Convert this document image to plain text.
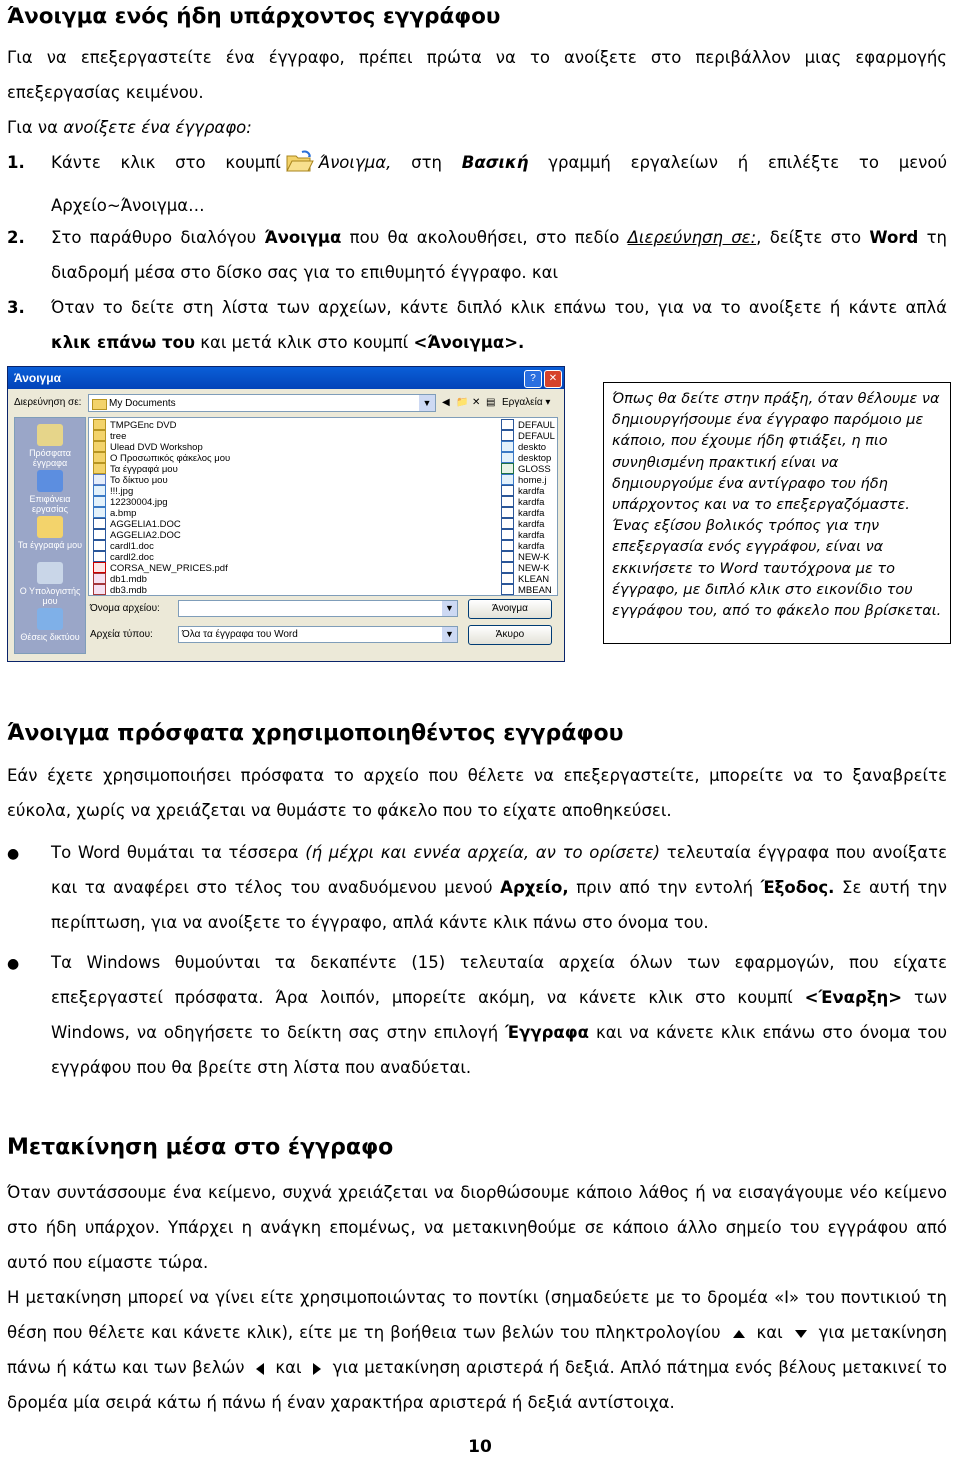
Άνοιγμα ενός ήδη υπάρχοντος εγγράφου
Για να επεξεργαστείτε ένα έγγραφο, πρέπει πρώτα να το ανοίξετε στο περιβάλλον μιας εφαρμογής επεξεργασίας κειμένου.
Για να ανοίξετε ένα έγγραφο:
1. Κάντε κλικ στο κουμπί Άνοιγμα, στη Βασική γραμμή εργαλείων ή επιλέξτε το μενού
Αρχείο~Άνοιγμα…
2. Στο παράθυρο διαλόγου Άνοιγμα που θα ακολουθήσει, στο πεδίο Διερεύνηση σε:, δείξτε στο Word τη
διαδρομή μέσα στο δίσκο σας για το επιθυμητό έγγραφο. και
3. Όταν το δείτε στη λίστα των αρχείων, κάντε διπλό κλικ επάνω του, για να το ανοίξετε ή κάντε απλά
κλικ επάνω του και μετά κλικ στο κουμπί <Άνοιγμα>.
Άνοιγμα	?	✕
Διερεύνηση σε:	My Documents	▼	◀ 📁 ✕ ▤ Εργαλεία ▾
Πρόσφατα έγγραφα
Επιφάνεια εργασίας
Τα έγγραφά μου
Ο Υπολογιστής μου
Θέσεις δικτύου
TMPGEnc DVD
tree
Ulead DVD Workshop
Ο Προσωπικός φάκελος μου
Τα έγγραφά μου
Το δίκτυο μου
!!!.jpg
12230004.jpg
a.bmp
AGGELIA1.DOC
AGGELIA2.DOC
cardl1.doc
cardl2.doc
CORSA_NEW_PRICES.pdf
db1.mdb
db3.mdb
DEFAUL
DEFAUL
deskto
desktop
GLOSS
home.j
kardfa
kardfa
kardfa
kardfa
kardfa
kardfa
NEW-K
NEW-K
KLEAN
MBEAN
Όνομα αρχείου:	▼	Άνοιγμα
Αρχεία τύπου:	Όλα τα έγγραφα του Word	▼	Άκυρο
Όπως θα δείτε στην πράξη, όταν θέλουμε να δημιουργήσουμε ένα έγγραφο παρόμοιο με κάποιο, που έχουμε ήδη φτιάξει, η πιο συνηθισμένη πρακτική είναι να δημιουργούμε ένα αντίγραφο του ήδη υπάρχοντος και να το επεξεργαζόμαστε. Ένας εξίσου βολικός τρόπος για την επεξεργασία ενός εγγράφου, είναι να εκκινήσετε το Word ταυτόχρονα με το έγγραφο, με διπλό κλικ στο εικονίδιο του εγγράφου του, από το φάκελο που βρίσκεται.
Άνοιγμα πρόσφατα χρησιμοποιηθέντος εγγράφου
Εάν έχετε χρησιμοποιήσει πρόσφατα το αρχείο που θέλετε να επεξεργαστείτε, μπορείτε να το ξαναβρείτε εύκολα, χωρίς να χρειάζεται να θυμάστε το φάκελο που το είχατε αποθηκεύσει.
● Το Word θυμάται τα τέσσερα (ή μέχρι και εννέα αρχεία, αν το ορίσετε) τελευταία έγγραφα που ανοίξατε και τα αναφέρει στο τέλος του αναδυόμενου μενού Αρχείο, πριν από την εντολή Έξοδος. Σε αυτή την περίπτωση, για να ανοίξετε το έγγραφο, απλά κάντε κλικ πάνω στο όνομα του.
● Τα Windows θυμούνται τα δεκαπέντε (15) τελευταία αρχεία όλων των εφαρμογών, που είχατε επεξεργαστεί πρόσφατα. Άρα λοιπόν, μπορείτε ακόμη, να κάνετε κλικ στο κουμπί <Έναρξη> των Windows, να οδηγήσετε το δείκτη σας στην επιλογή Έγγραφα και να κάνετε κλικ επάνω στο όνομα του εγγράφου που θα βρείτε στη λίστα που αναδύεται.
Μετακίνηση μέσα στο έγγραφο
Όταν συντάσσουμε ένα κείμενο, συχνά χρειάζεται να διορθώσουμε κάποιο λάθος ή να εισαγάγουμε νέο κείμενο στο ήδη υπάρχον. Υπάρχει η ανάγκη επομένως, να μετακινηθούμε σε κάποιο άλλο σημείο του εγγράφου από αυτό που είμαστε τώρα.
Η μετακίνηση μπορεί να γίνει είτε χρησιμοποιώντας το ποντίκι (σημαδεύετε με το δρομέα «Ι» του ποντικιού τη θέση που θέλετε και κάνετε κλικ), είτε με τη βοήθεια των βελών του πληκτρολογίου και για μετακίνηση πάνω ή κάτω και των βελών και για μετακίνηση αριστερά ή δεξιά. Απλό πάτημα ενός βέλους μετακινεί το δρομέα μία σειρά κάτω ή πάνω ή έναν χαρακτήρα αριστερά ή δεξιά αντίστοιχα.
10
